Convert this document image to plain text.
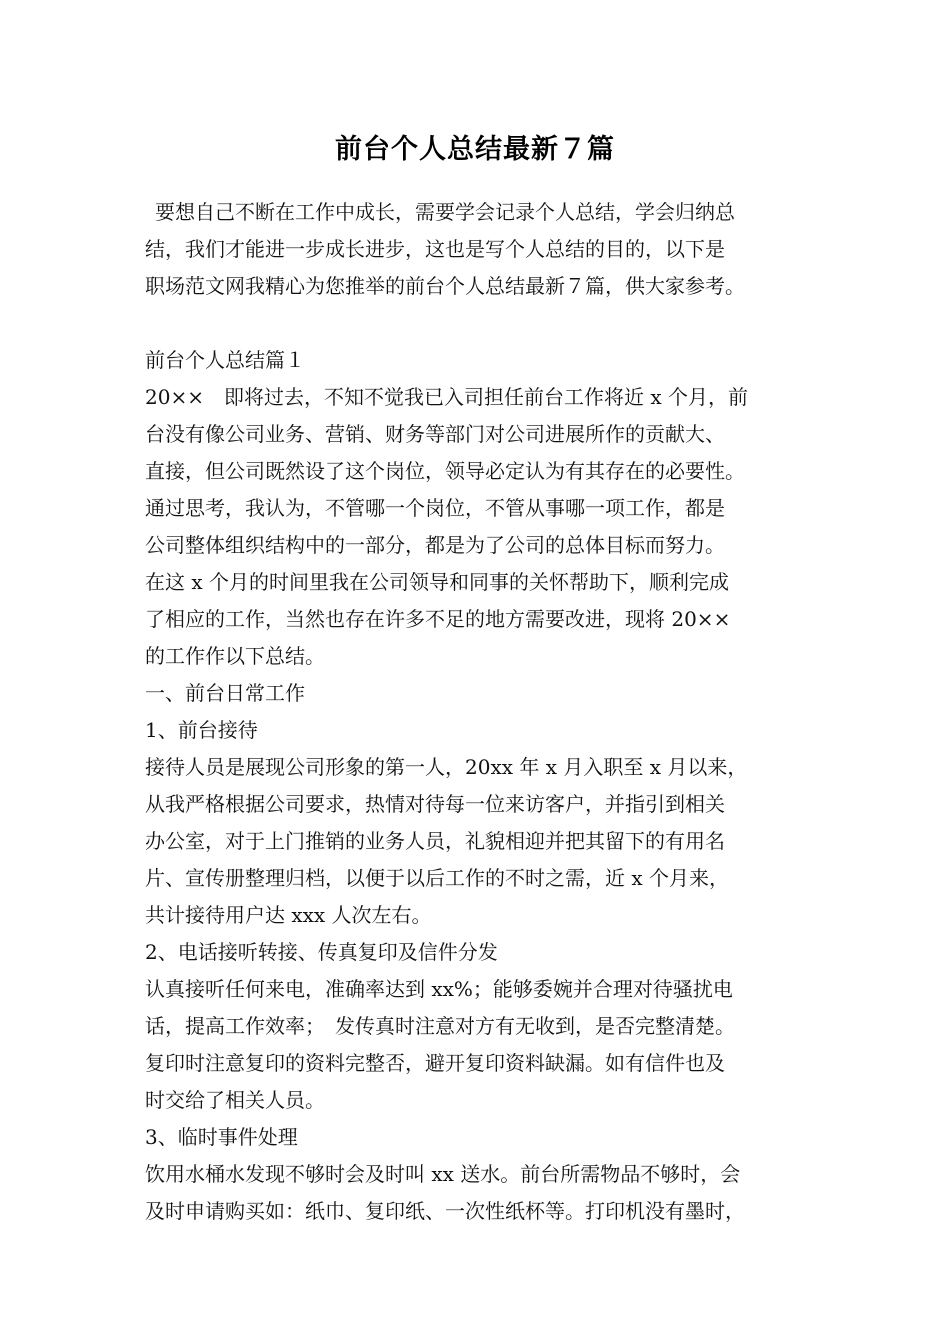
前台个人总结最新７篇
要想自己不断在工作中成长，需要学会记录个人总结，学会归纳总
结，我们才能进一步成长进步，这也是写个人总结的目的，以下是
职场范文网我精心为您推举的前台个人总结最新７篇，供大家参考。
前台个人总结篇１
20××　即将过去，不知不觉我已入司担任前台工作将近 x 个月，前
台没有像公司业务、营销、财务等部门对公司进展所作的贡献大、
直接，但公司既然设了这个岗位，领导必定认为有其存在的必要性。
通过思考，我认为，不管哪一个岗位，不管从事哪一项工作，都是
公司整体组织结构中的一部分，都是为了公司的总体目标而努力。
在这 x 个月的时间里我在公司领导和同事的关怀帮助下，顺利完成
了相应的工作，当然也存在许多不足的地方需要改进，现将 20××
的工作作以下总结。
一、前台日常工作
1、前台接待
接待人员是展现公司形象的第一人，20xx 年 x 月入职至 x 月以来，
从我严格根据公司要求，热情对待每一位来访客户，并指引到相关
办公室，对于上门推销的业务人员，礼貌相迎并把其留下的有用名
片、宣传册整理归档，以便于以后工作的不时之需，近 x 个月来，
共计接待用户达 xxx 人次左右。
2、电话接听转接、传真复印及信件分发
认真接听任何来电，准确率达到 xx%；能够委婉并合理对待骚扰电
话，提高工作效率；　发传真时注意对方有无收到，是否完整清楚。
复印时注意复印的资料完整否，避开复印资料缺漏。如有信件也及
时交给了相关人员。
3、临时事件处理
饮用水桶水发现不够时会及时叫 xx 送水。前台所需物品不够时，会
及时申请购买如：纸巾、复印纸、一次性纸杯等。打印机没有墨时，
